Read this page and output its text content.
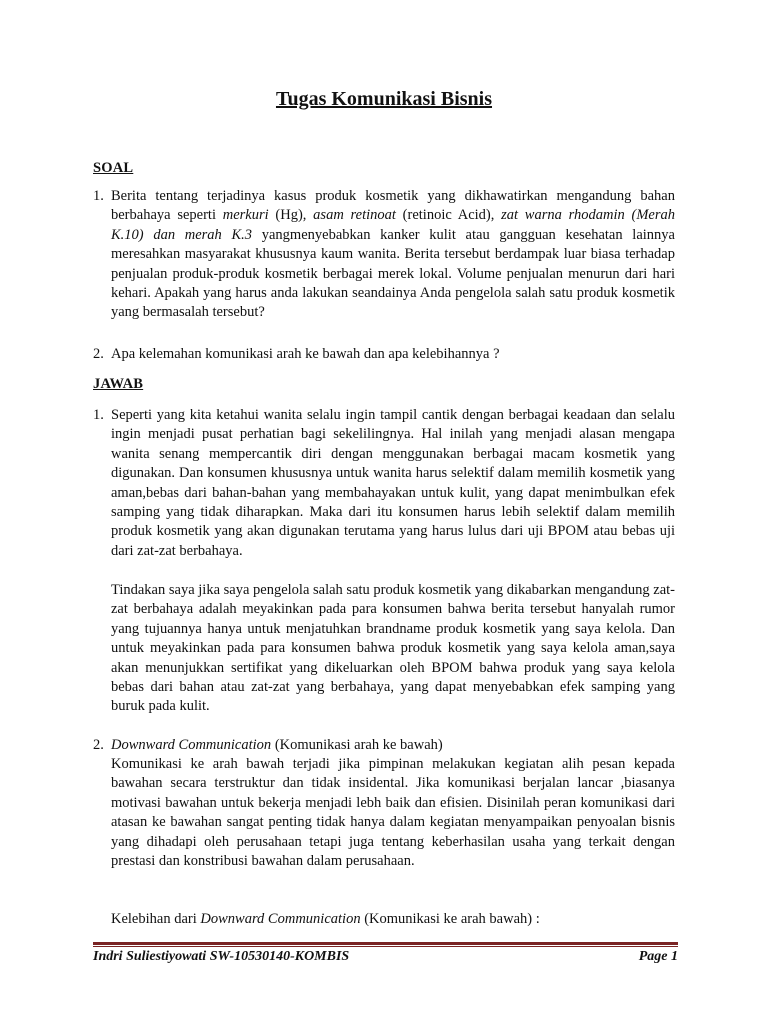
Tugas Komunikasi Bisnis
SOAL
1. Berita tentang terjadinya kasus produk kosmetik yang dikhawatirkan mengandung bahan berbahaya seperti merkuri (Hg), asam retinoat (retinoic Acid), zat warna rhodamin (Merah K.10) dan merah K.3 yangmenyebabkan kanker kulit atau gangguan kesehatan lainnya meresahkan masyarakat khususnya kaum wanita. Berita tersebut berdampak luar biasa terhadap penjualan produk-produk kosmetik berbagai merek lokal. Volume penjualan menurun dari hari kehari. Apakah yang harus anda lakukan seandainya Anda pengelola salah satu produk kosmetik yang bermasalah tersebut?
2. Apa kelemahan komunikasi arah ke bawah dan apa kelebihannya ?
JAWAB
1. Seperti yang kita ketahui wanita selalu ingin tampil cantik dengan berbagai keadaan dan selalu ingin menjadi pusat perhatian bagi sekelilingnya. Hal inilah yang menjadi alasan mengapa wanita senang mempercantik diri dengan menggunakan berbagai macam kosmetik yang digunakan. Dan konsumen khususnya untuk wanita harus selektif dalam memilih kosmetik yang aman,bebas dari bahan-bahan yang membahayakan untuk kulit, yang dapat menimbulkan efek samping yang tidak diharapkan. Maka dari itu konsumen harus lebih selektif dalam memilih produk kosmetik yang akan digunakan terutama yang harus lulus dari uji BPOM atau bebas uji dari zat-zat berbahaya.
Tindakan saya jika saya pengelola salah satu produk kosmetik yang dikabarkan mengandung zat-zat berbahaya adalah meyakinkan pada para konsumen bahwa berita tersebut hanyalah rumor yang tujuannya hanya untuk menjatuhkan brandname produk kosmetik yang saya kelola. Dan untuk meyakinkan pada para konsumen bahwa produk kosmetik yang saya kelola aman,saya akan menunjukkan sertifikat yang dikeluarkan oleh BPOM bahwa produk yang saya kelola bebas dari bahan atau zat-zat yang berbahaya, yang dapat menyebabkan efek samping yang buruk pada kulit.
2. Downward Communication (Komunikasi arah ke bawah)
Komunikasi ke arah bawah terjadi jika pimpinan melakukan kegiatan alih pesan kepada bawahan secara terstruktur dan tidak insidental. Jika komunikasi berjalan lancar ,biasanya motivasi bawahan untuk bekerja menjadi lebh baik dan efisien. Disinilah peran komunikasi dari atasan ke bawahan sangat penting tidak hanya dalam kegiatan menyampaikan penyoalan bisnis yang dihadapi oleh perusahaan tetapi juga tentang keberhasilan usaha yang terkait dengan prestasi dan konstribusi bawahan dalam perusahaan.
Kelebihan dari Downward Communication (Komunikasi ke arah bawah) :
Indri Suliestiyowati SW-10530140-KOMBIS	Page 1
